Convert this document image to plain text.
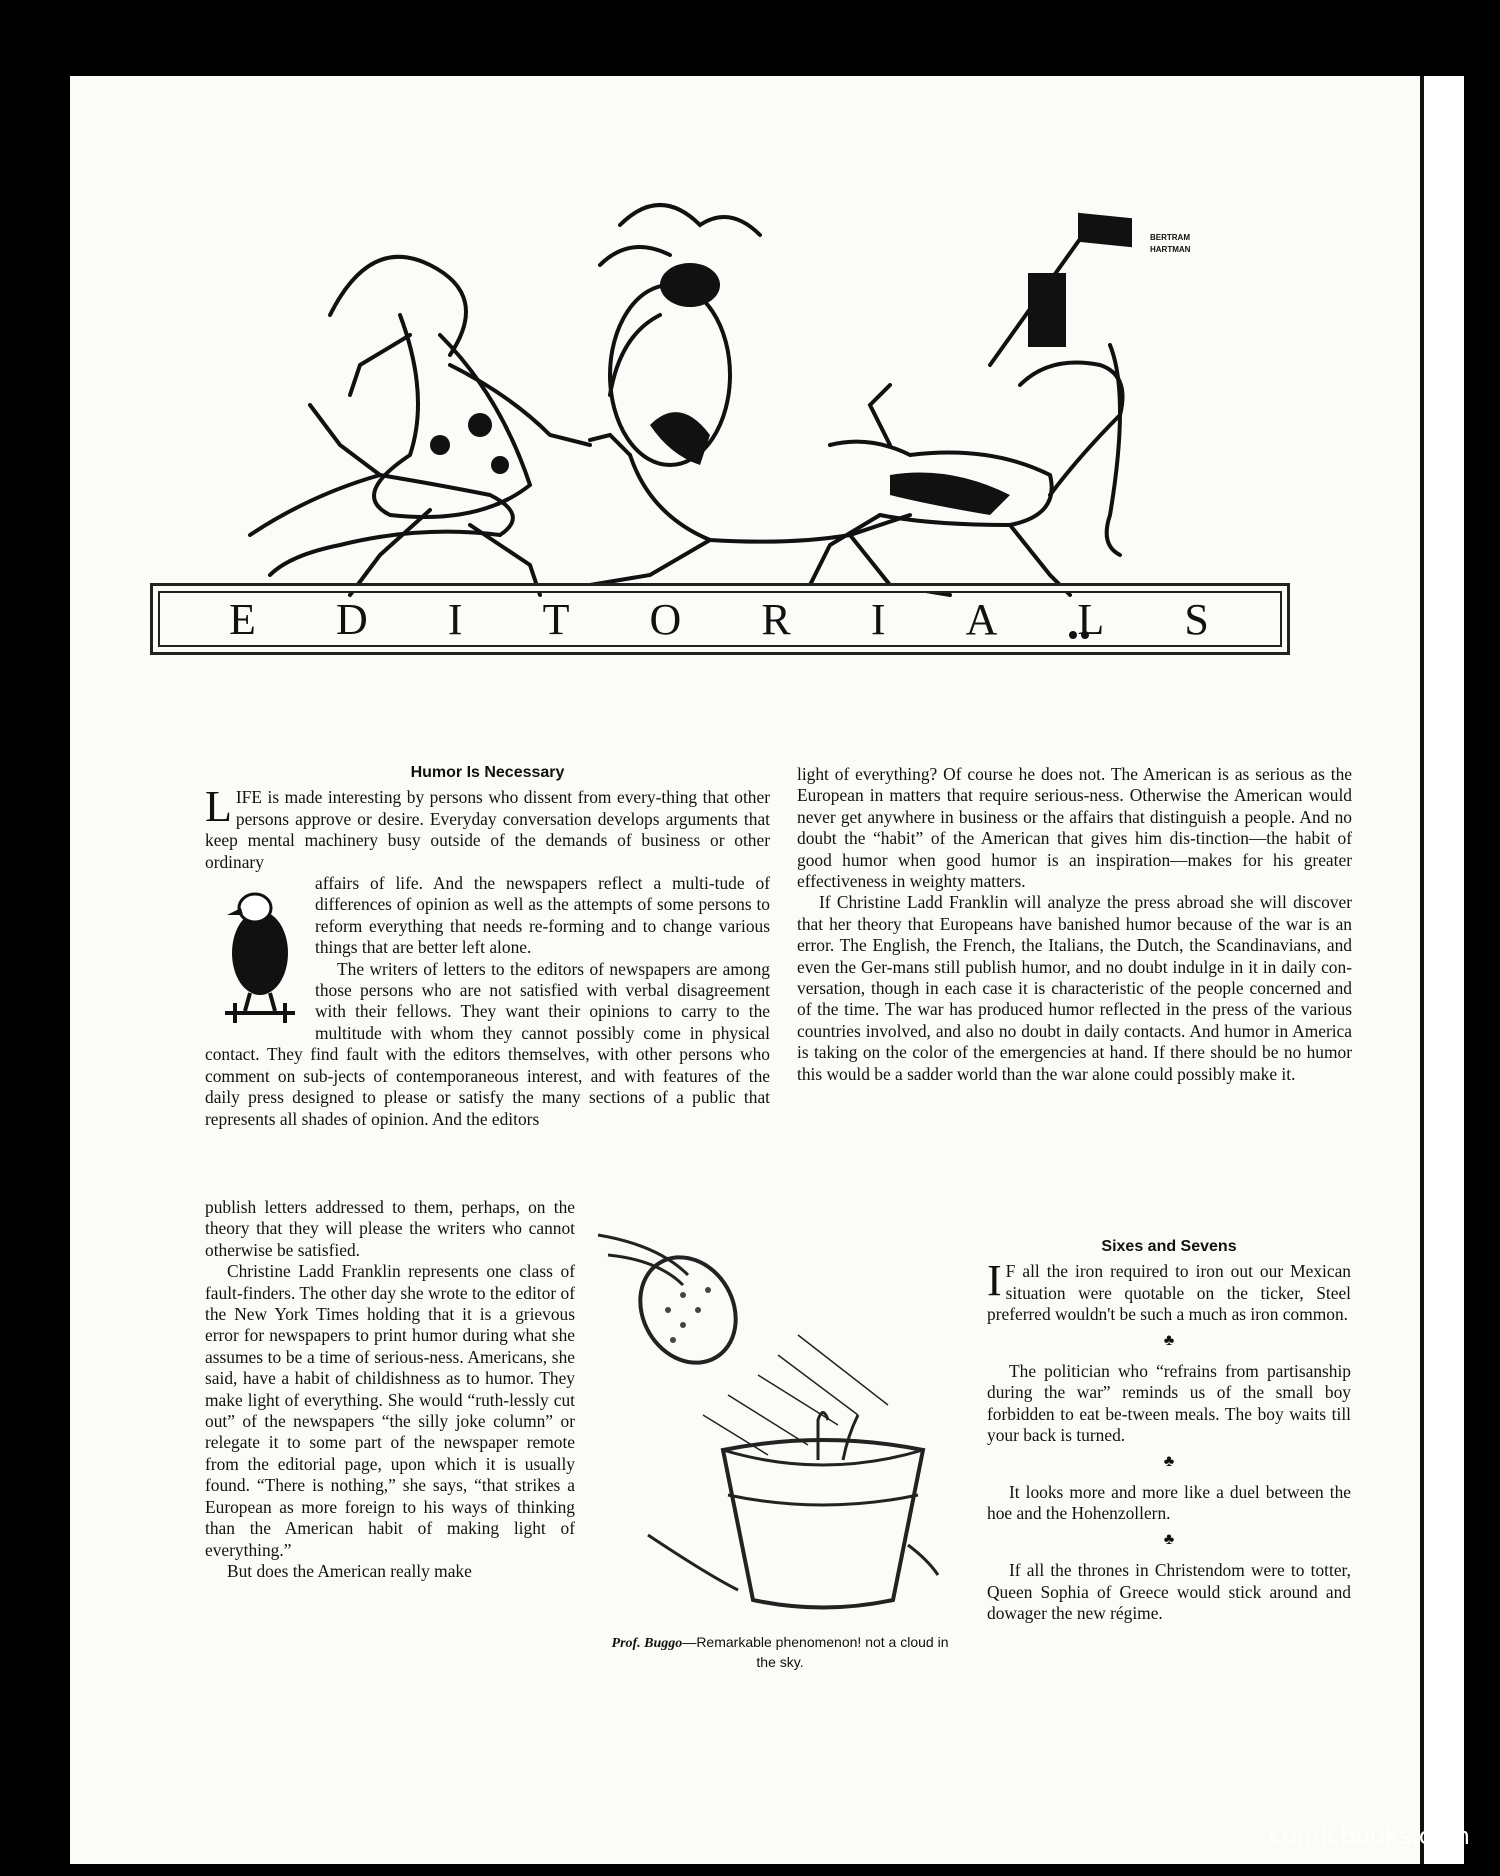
BERTRAM
HARTMAN
E D I T O R I A L S
Humor Is Necessary

LIFE is made interesting by persons who dissent from every-thing that other persons approve or desire. Everyday conversation develops arguments that keep mental machinery busy outside of the demands of business or other ordinary

affairs of life. And the newspapers reflect a multi-tude of differences of opinion as well as the attempts of some persons to reform everything that needs re-forming and to change various things that are better left alone.

The writers of letters to the editors of newspapers are among those persons who are not satisfied with verbal disagreement with their fellows. They want their opinions to carry to the multitude with whom they cannot possibly come in physical contact. They find fault with the editors themselves, with other persons who comment on sub-jects of contemporaneous interest, and with features of the daily press designed to please or satisfy the many sections of a public that represents all shades of opinion. And the editors

publish letters addressed to them, perhaps, on the theory that they will please the writers who cannot otherwise be satisfied.

Christine Ladd Franklin represents one class of fault-finders. The other day she wrote to the editor of the New York Times holding that it is a grievous error for newspapers to print humor during what she assumes to be a time of serious-ness. Americans, she said, have a habit of childishness as to humor. They make light of everything. She would “ruth-lessly cut out” of the newspapers “the silly joke column” or relegate it to some part of the newspaper remote from the editorial page, upon which it is usually found. “There is nothing,” she says, “that strikes a European as more foreign to his ways of thinking than the American habit of making light of everything.”

But does the American really make

light of everything? Of course he does not. The American is as serious as the European in matters that require serious-ness. Otherwise the American would never get anywhere in business or the affairs that distinguish a people. And no doubt the “habit” of the American that gives him dis-tinction—the habit of good humor when good humor is an inspiration—makes for his greater effectiveness in weighty matters.

If Christine Ladd Franklin will analyze the press abroad she will discover that her theory that Europeans have banished humor because of the war is an error. The English, the French, the Italians, the Dutch, the Scandinavians, and even the Ger-mans still publish humor, and no doubt indulge in it in daily con-versation, though in each case it is characteristic of the people concerned and of the time. The war has produced humor reflected in the press of the various countries involved, and also no doubt in daily contacts. And humor in America is taking on the color of the emergencies at hand. If there should be no humor this would be a sadder world than the war alone could possibly make it.

Sixes and Sevens

I F all the iron required to iron out our Mexican situation were quotable on the ticker, Steel preferred wouldn't be such a much as iron common.

♣

The politician who “refrains from partisanship during the war” reminds us of the small boy forbidden to eat be-tween meals. The boy waits till your back is turned.

♣

It looks more and more like a duel between the hoe and the Hohenzollern.

♣

If all the thrones in Christendom were to totter, Queen Sophia of Greece would stick around and dowager the new régime.

Prof. Buggo—Remarkable phenomenon! not a cloud in the sky.
comicbooks.com
